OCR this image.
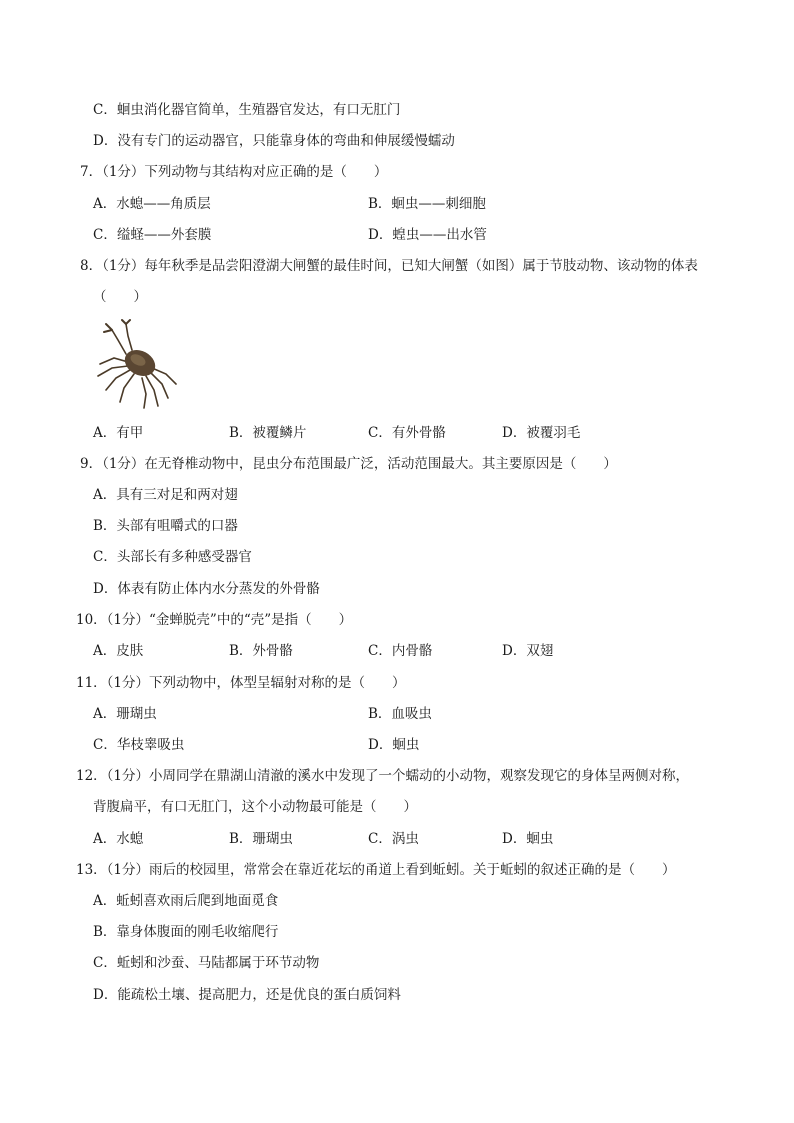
C．蛔虫消化器官简单，生殖器官发达，有口无肛门
D．没有专门的运动器官，只能靠身体的弯曲和伸展缓慢蠕动
7．（1分）下列动物与其结构对应正确的是（　　）
A．水螅——角质层	B．蛔虫——刺细胞
C．缢蛏——外套膜	D．蝗虫——出水管
8．（1分）每年秋季是品尝阳澄湖大闸蟹的最佳时间，已知大闸蟹（如图）属于节肢动物、该动物的体表
（　　）
A．有甲	B．被覆鳞片	C．有外骨骼	D．被覆羽毛
9．（1分）在无脊椎动物中，昆虫分布范围最广泛，活动范围最大。其主要原因是（　　）
A．具有三对足和两对翅
B．头部有咀嚼式的口器
C．头部长有多种感受器官
D．体表有防止体内水分蒸发的外骨骼
10．（1分）“金蝉脱壳”中的“壳”是指（　　）
A．皮肤	B．外骨骼	C．内骨骼	D．双翅
11．（1分）下列动物中，体型呈辐射对称的是（　　）
A．珊瑚虫	B．血吸虫
C．华枝睾吸虫	D．蛔虫
12．（1分）小周同学在鼎湖山清澈的溪水中发现了一个蠕动的小动物，观察发现它的身体呈两侧对称，
背腹扁平，有口无肛门，这个小动物最可能是（　　）
A．水螅	B．珊瑚虫	C．涡虫	D．蛔虫
13．（1分）雨后的校园里，常常会在靠近花坛的甬道上看到蚯蚓。关于蚯蚓的叙述正确的是（　　）
A．蚯蚓喜欢雨后爬到地面觅食
B．靠身体腹面的刚毛收缩爬行
C．蚯蚓和沙蚕、马陆都属于环节动物
D．能疏松土壤、提高肥力，还是优良的蛋白质饲料
